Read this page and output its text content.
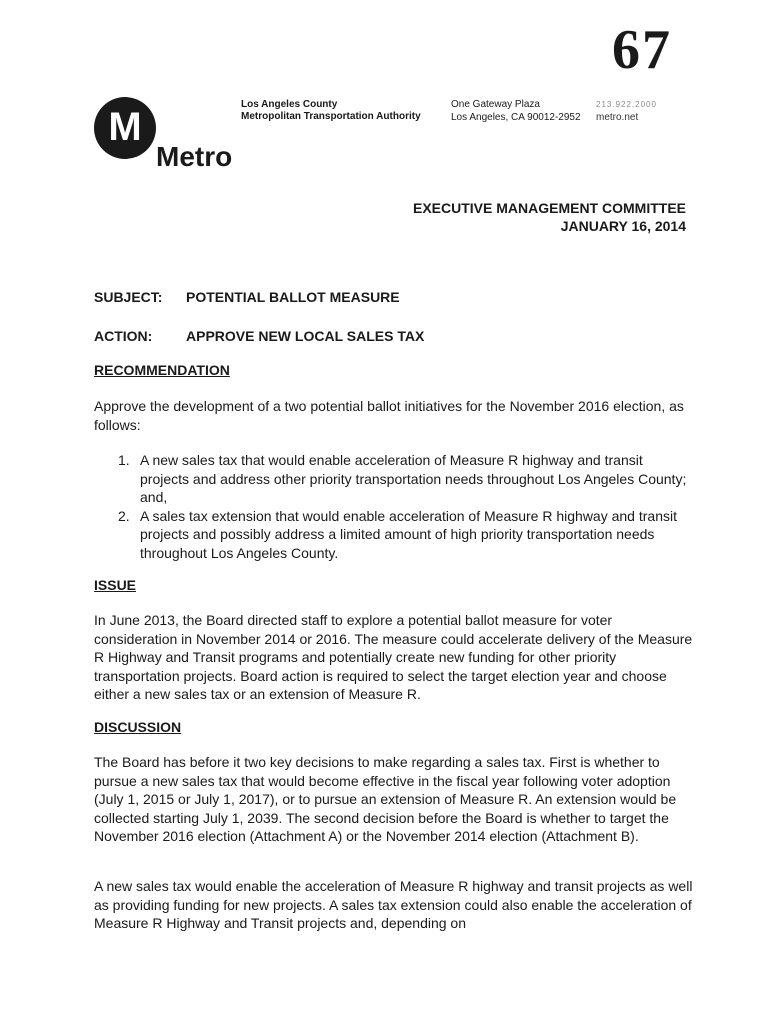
67
M
Metro
Los Angeles County
Metropolitan Transportation Authority
One Gateway Plaza
Los Angeles, CA 90012-2952
213.922.2000
metro.net
EXECUTIVE MANAGEMENT COMMITTEE
JANUARY 16, 2014
SUBJECT: POTENTIAL BALLOT MEASURE
ACTION: APPROVE NEW LOCAL SALES TAX
RECOMMENDATION
Approve the development of a two potential ballot initiatives for the November 2016 election, as follows:
1. A new sales tax that would enable acceleration of Measure R highway and transit projects and address other priority transportation needs throughout Los Angeles County; and,
2. A sales tax extension that would enable acceleration of Measure R highway and transit projects and possibly address a limited amount of high priority transportation needs throughout Los Angeles County.
ISSUE
In June 2013, the Board directed staff to explore a potential ballot measure for voter consideration in November 2014 or 2016. The measure could accelerate delivery of the Measure R Highway and Transit programs and potentially create new funding for other priority transportation projects. Board action is required to select the target election year and choose either a new sales tax or an extension of Measure R.
DISCUSSION
The Board has before it two key decisions to make regarding a sales tax. First is whether to pursue a new sales tax that would become effective in the fiscal year following voter adoption (July 1, 2015 or July 1, 2017), or to pursue an extension of Measure R. An extension would be collected starting July 1, 2039. The second decision before the Board is whether to target the November 2016 election (Attachment A) or the November 2014 election (Attachment B).
A new sales tax would enable the acceleration of Measure R highway and transit projects as well as providing funding for new projects. A sales tax extension could also enable the acceleration of Measure R Highway and Transit projects and, depending on
